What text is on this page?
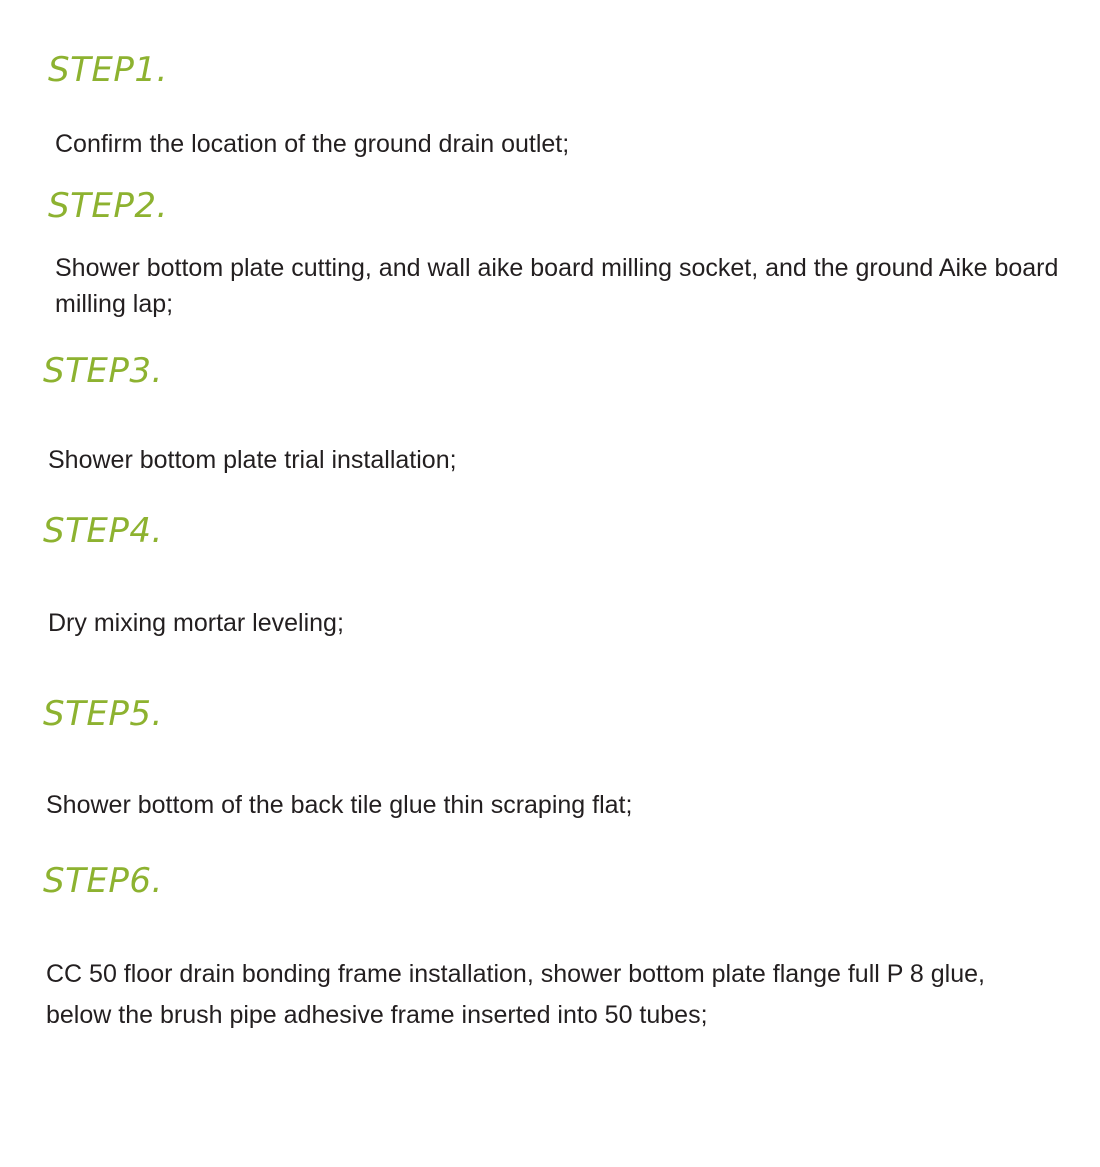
STEP1.

Confirm the location of the ground drain outlet;

STEP2.

Shower bottom plate cutting, and wall aike board milling socket, and the ground Aike board milling lap;

STEP3.

Shower bottom plate trial installation;

STEP4.

Dry mixing mortar leveling;

STEP5.

Shower bottom of the back tile glue thin scraping flat;

STEP6.

CC 50 floor drain bonding frame installation, shower bottom plate flange full P 8 glue, below the brush pipe adhesive frame inserted into 50 tubes;
